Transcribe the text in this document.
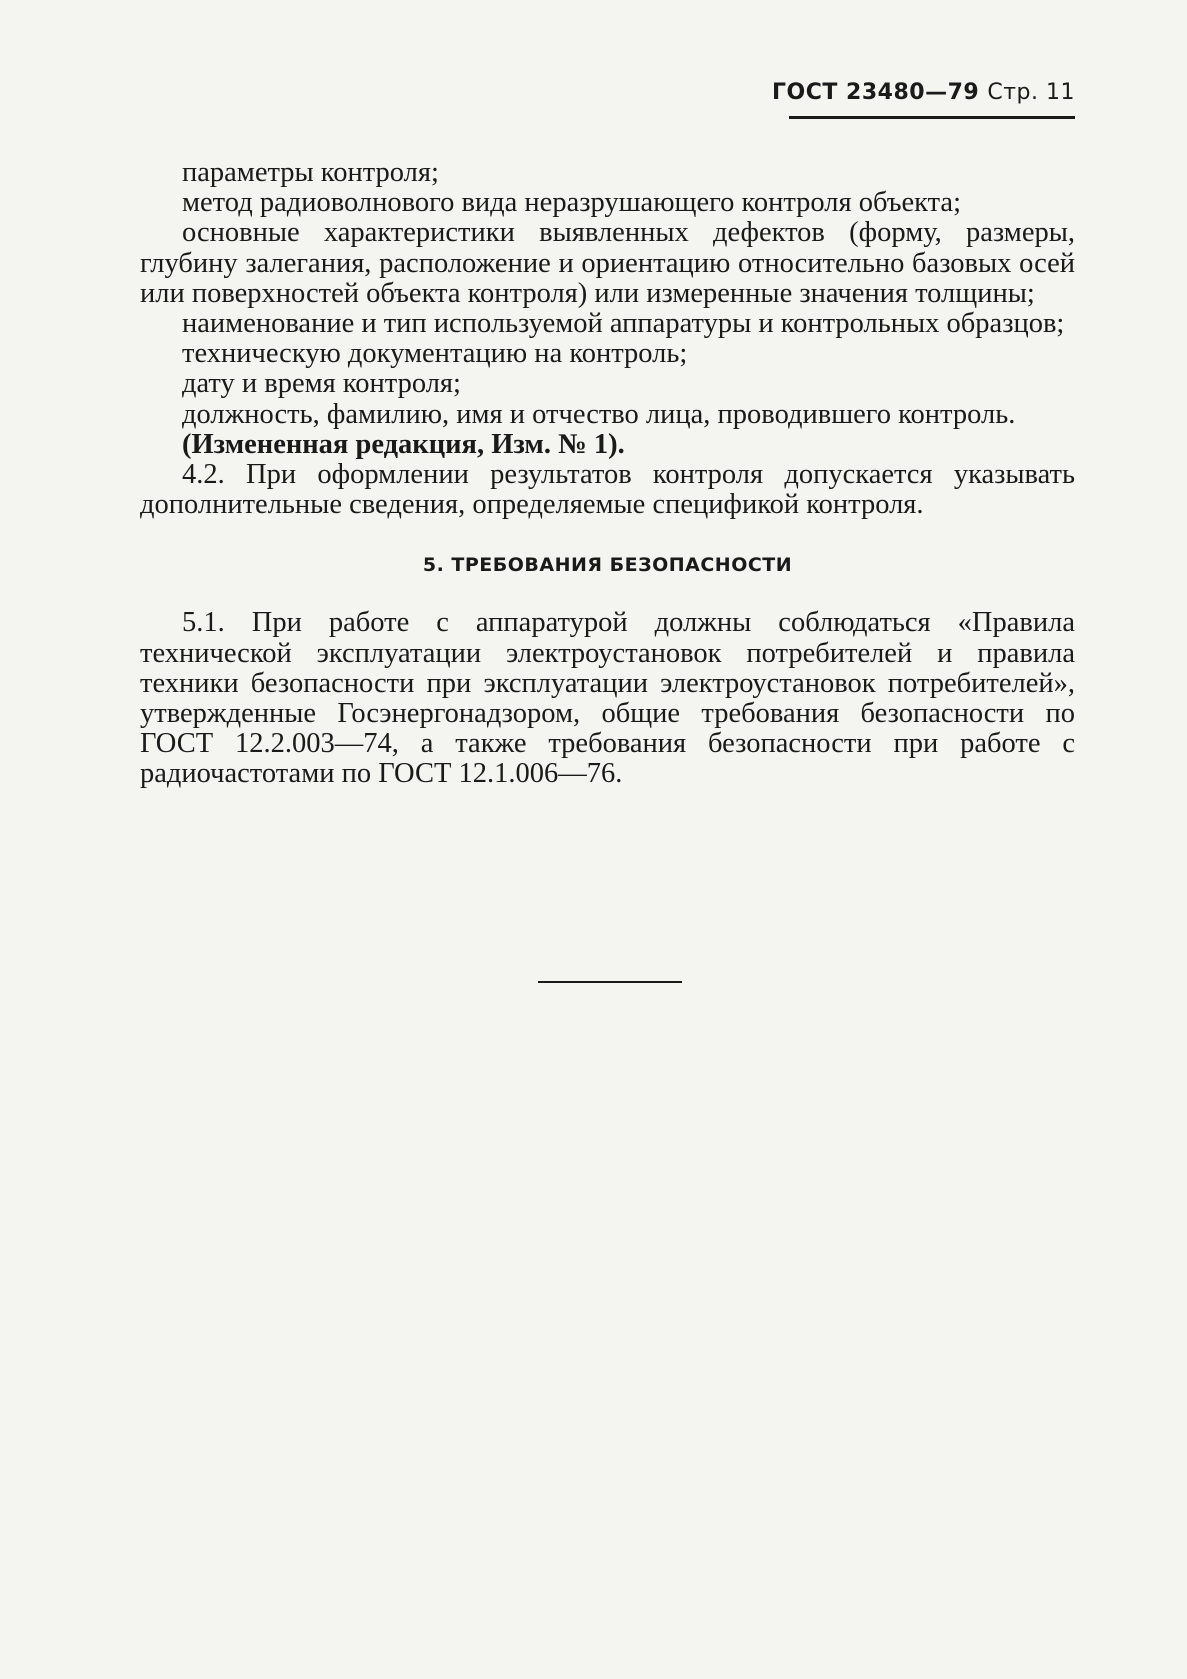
ГОСТ 23480—79 Стр. 11

параметры контроля;

метод радиоволнового вида неразрушающего контроля объекта;

основные характеристики выявленных дефектов (форму, размеры, глубину залегания, расположение и ориентацию относительно базовых осей или поверхностей объекта контроля) или измеренные значения толщины;

наименование и тип используемой аппаратуры и контрольных образцов;

техническую документацию на контроль;

дату и время контроля;

должность, фамилию, имя и отчество лица, проводившего контроль.

(Измененная редакция, Изм. № 1).

4.2. При оформлении результатов контроля допускается указывать дополнительные сведения, определяемые спецификой контроля.

5. ТРЕБОВАНИЯ БЕЗОПАСНОСТИ

5.1. При работе с аппаратурой должны соблюдаться «Правила технической эксплуатации электроустановок потребителей и правила техники безопасности при эксплуатации электроустановок потребителей», утвержденные Госэнергонадзором, общие требования безопасности по ГОСТ 12.2.003—74, а также требования безопасности при работе с радиочастотами по ГОСТ 12.1.006—76.
